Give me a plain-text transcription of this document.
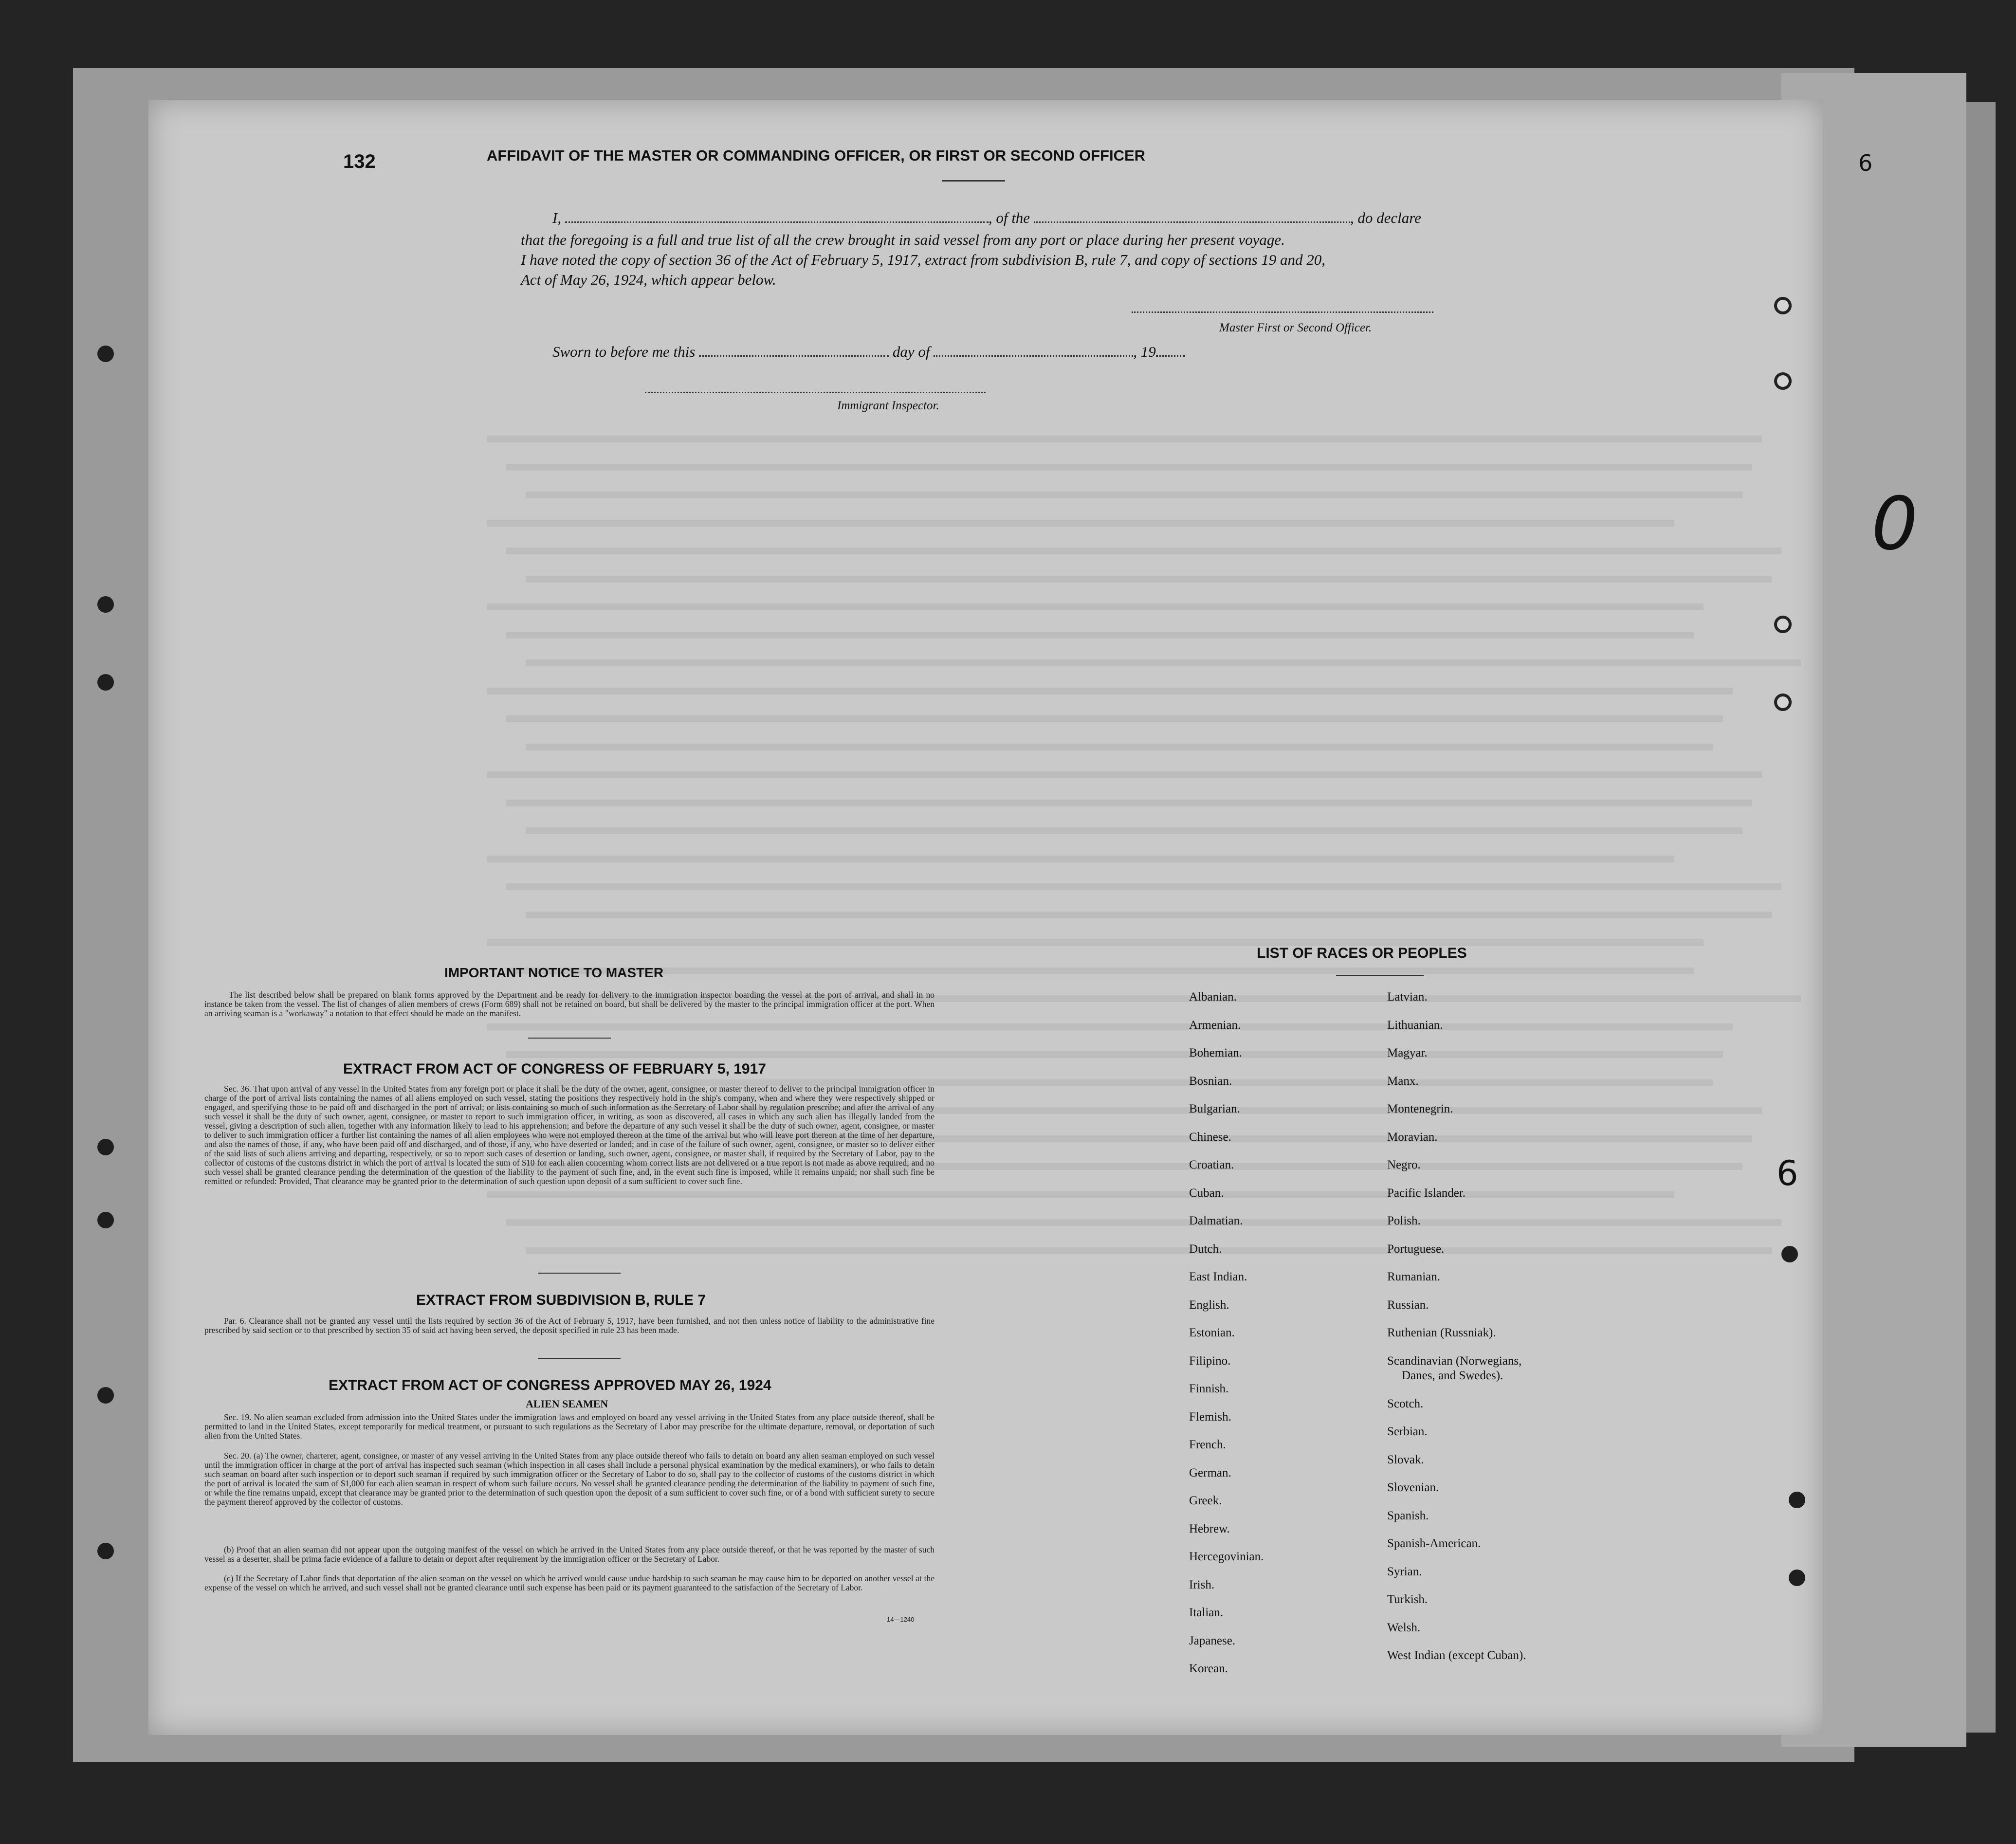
6
0
6
132	AFFIDAVIT OF THE MASTER OR COMMANDING OFFICER, OR FIRST OR SECOND OFFICER
I,	, of the	, do declare
that the foregoing is a full and true list of all the crew brought in said vessel from any port or place during her present voyage.
I have noted the copy of section 36 of the Act of February 5, 1917, extract from subdivision B, rule 7, and copy of sections 19 and 20,
Act of May 26, 1924, which appear below.
Master First or Second Officer.
Sworn to before me this	day of	, 19
Immigrant Inspector.
IMPORTANT NOTICE TO MASTER
The list described below shall be prepared on blank forms approved by the Department and be ready for delivery to the immigration inspector boarding the vessel at the port of arrival, and shall in no instance be taken from the vessel. The list of changes of alien members of crews (Form 689) shall not be retained on board, but shall be delivered by the master to the principal immigration officer at the port. When an arriving seaman is a "workaway" a notation to that effect should be made on the manifest.
EXTRACT FROM ACT OF CONGRESS OF FEBRUARY 5, 1917
Sec. 36. That upon arrival of any vessel in the United States from any foreign port or place it shall be the duty of the owner, agent, consignee, or master thereof to deliver to the principal immigration officer in charge of the port of arrival lists containing the names of all aliens employed on such vessel, stating the positions they respectively hold in the ship's company, when and where they were respectively shipped or engaged, and specifying those to be paid off and discharged in the port of arrival; or lists containing so much of such information as the Secretary of Labor shall by regulation prescribe; and after the arrival of any such vessel it shall be the duty of such owner, agent, consignee, or master to report to such immigration officer, in writing, as soon as discovered, all cases in which any such alien has illegally landed from the vessel, giving a description of such alien, together with any information likely to lead to his apprehension; and before the departure of any such vessel it shall be the duty of such owner, agent, consignee, or master to deliver to such immigration officer a further list containing the names of all alien employees who were not employed thereon at the time of the arrival but who will leave port thereon at the time of her departure, and also the names of those, if any, who have been paid off and discharged, and of those, if any, who have deserted or landed; and in case of the failure of such owner, agent, consignee, or master so to deliver either of the said lists of such aliens arriving and departing, respectively, or so to report such cases of desertion or landing, such owner, agent, consignee, or master shall, if required by the Secretary of Labor, pay to the collector of customs of the customs district in which the port of arrival is located the sum of $10 for each alien concerning whom correct lists are not delivered or a true report is not made as above required; and no such vessel shall be granted clearance pending the determination of the question of the liability to the payment of such fine, and, in the event such fine is imposed, while it remains unpaid; nor shall such fine be remitted or refunded: Provided, That clearance may be granted prior to the determination of such question upon deposit of a sum sufficient to cover such fine.
EXTRACT FROM SUBDIVISION B, RULE 7
Par. 6. Clearance shall not be granted any vessel until the lists required by section 36 of the Act of February 5, 1917, have been furnished, and not then unless notice of liability to the administrative fine prescribed by said section or to that prescribed by section 35 of said act having been served, the deposit specified in rule 23 has been made.
EXTRACT FROM ACT OF CONGRESS APPROVED MAY 26, 1924
ALIEN SEAMEN
Sec. 19. No alien seaman excluded from admission into the United States under the immigration laws and employed on board any vessel arriving in the United States from any place outside thereof, shall be permitted to land in the United States, except temporarily for medical treatment, or pursuant to such regulations as the Secretary of Labor may prescribe for the ultimate departure, removal, or deportation of such alien from the United States.
Sec. 20. (a) The owner, charterer, agent, consignee, or master of any vessel arriving in the United States from any place outside thereof who fails to detain on board any alien seaman employed on such vessel until the immigration officer in charge at the port of arrival has inspected such seaman (which inspection in all cases shall include a personal physical examination by the medical examiners), or who fails to detain such seaman on board after such inspection or to deport such seaman if required by such immigration officer or the Secretary of Labor to do so, shall pay to the collector of customs of the customs district in which the port of arrival is located the sum of $1,000 for each alien seaman in respect of whom such failure occurs. No vessel shall be granted clearance pending the determination of the liability to payment of such fine, or while the fine remains unpaid, except that clearance may be granted prior to the determination of such question upon the deposit of a sum sufficient to cover such fine, or of a bond with sufficient surety to secure the payment thereof approved by the collector of customs.
(b) Proof that an alien seaman did not appear upon the outgoing manifest of the vessel on which he arrived in the United States from any place outside thereof, or that he was reported by the master of such vessel as a deserter, shall be prima facie evidence of a failure to detain or deport after requirement by the immigration officer or the Secretary of Labor.
(c) If the Secretary of Labor finds that deportation of the alien seaman on the vessel on which he arrived would cause undue hardship to such seaman he may cause him to be deported on another vessel at the expense of the vessel on which he arrived, and such vessel shall not be granted clearance until such expense has been paid or its payment guaranteed to the satisfaction of the Secretary of Labor.
14—1240
LIST OF RACES OR PEOPLES
Albanian.
Armenian.
Bohemian.
Bosnian.
Bulgarian.
Chinese.
Croatian.
Cuban.
Dalmatian.
Dutch.
East Indian.
English.
Estonian.
Filipino.
Finnish.
Flemish.
French.
German.
Greek.
Hebrew.
Hercegovinian.
Irish.
Italian.
Japanese.
Korean.
Latvian.
Lithuanian.
Magyar.
Manx.
Montenegrin.
Moravian.
Negro.
Pacific Islander.
Polish.
Portuguese.
Rumanian.
Russian.
Ruthenian (Russniak).
Scandinavian (Norwegians,
Danes, and Swedes).
Scotch.
Serbian.
Slovak.
Slovenian.
Spanish.
Spanish-American.
Syrian.
Turkish.
Welsh.
West Indian (except Cuban).
